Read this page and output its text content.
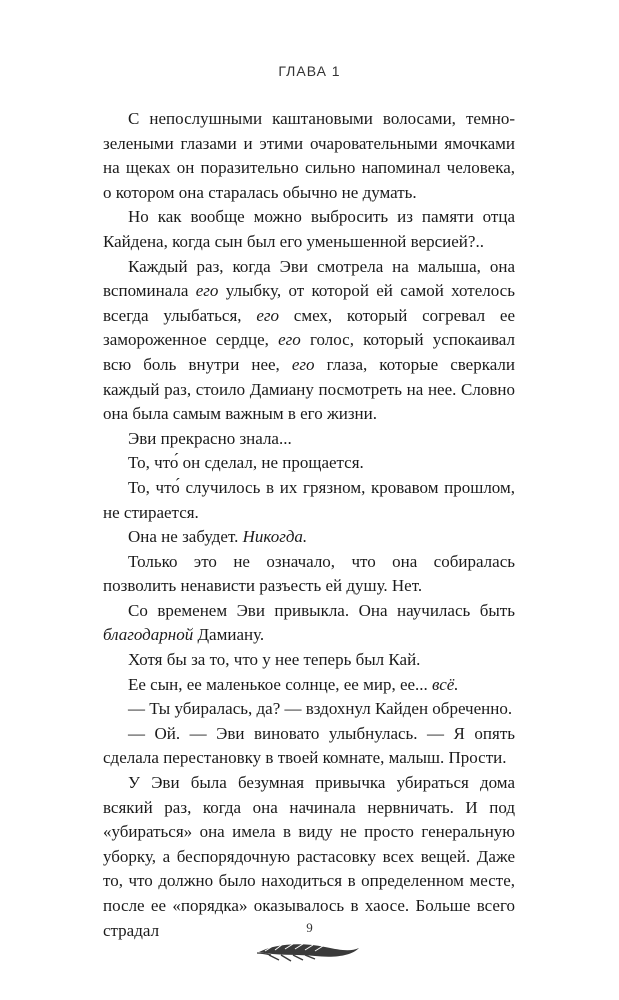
ГЛАВА 1

С непослушными каштановыми волосами, темно-зелеными глазами и этими очаровательными ямочками на щеках он поразительно сильно напоминал человека, о котором она старалась обычно не думать.

Но как вообще можно выбросить из памяти отца Кайдена, когда сын был его уменьшенной версией?..

Каждый раз, когда Эви смотрела на малыша, она вспоминала его улыбку, от которой ей самой хотелось всегда улыбаться, его смех, который согревал ее замороженное сердце, его голос, который успокаивал всю боль внутри нее, его глаза, которые сверкали каждый раз, стоило Дамиану посмотреть на нее. Словно она была самым важным в его жизни.

Эви прекрасно знала...

То, что́ он сделал, не прощается.

То, что́ случилось в их грязном, кровавом прошлом, не стирается.

Она не забудет. Никогда.

Только это не означало, что она собиралась позволить ненависти разъесть ей душу. Нет.

Со временем Эви привыкла. Она научилась быть благодарной Дамиану.

Хотя бы за то, что у нее теперь был Кай.

Ее сын, ее маленькое солнце, ее мир, ее... всё.

— Ты убиралась, да? — вздохнул Кайден обреченно.

— Ой. — Эви виновато улыбнулась. — Я опять сделала перестановку в твоей комнате, малыш. Прости.

У Эви была безумная привычка убираться дома всякий раз, когда она начинала нервничать. И под «убираться» она имела в виду не просто генеральную уборку, а беспорядочную растасовку всех вещей. Даже то, что должно было находиться в определенном месте, после ее «порядка» оказывалось в хаосе. Больше всего страдал	9
